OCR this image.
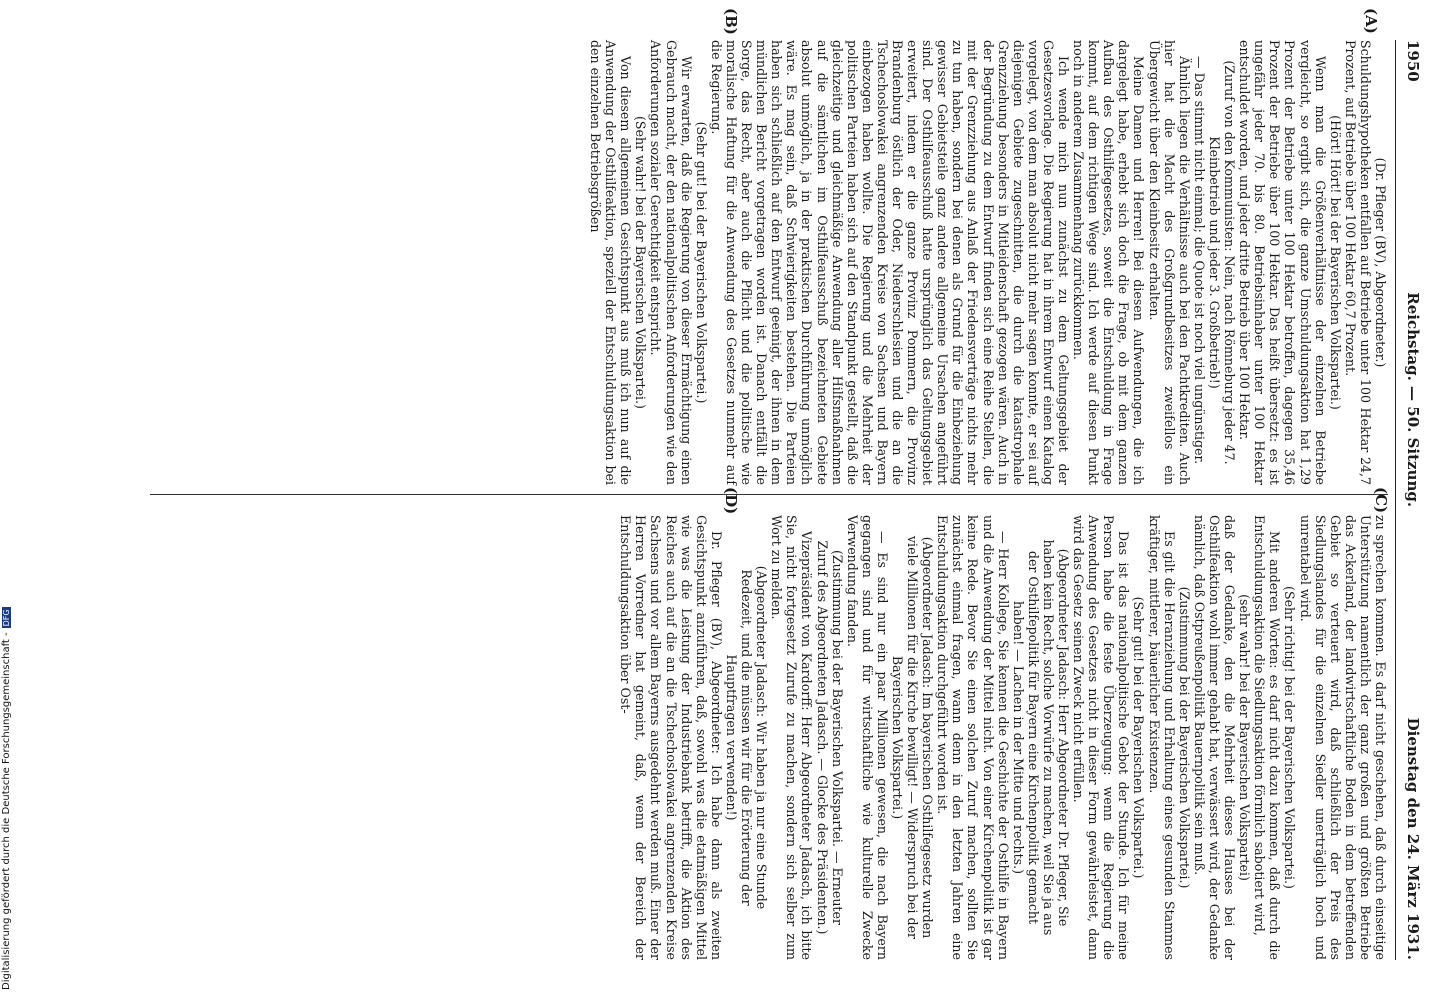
1950
Reichstag. — 50. Sitzung.
Dienstag den 24. März 1931.

(Dr. Pfleger (BV), Abgeordneter.)

Schuldungshypotheken entfallen auf Betriebe unter 100 Hektar 24,7 Prozent, auf Betriebe über 100 Hektar 60,7 Prozent.

(Hört! Hört! bei der Bayerischen Volkspartei.)

Wenn man die Größenverhältnisse der einzelnen Betriebe vergleicht, so ergibt sich, die ganze Umschuldungsaktion hat 1,29 Prozent der Betriebe unter 100 Hektar betroffen, dagegen 35,46 Prozent der Betriebe über 100 Hektar. Das heißt übersetzt: es ist ungefähr jeder 70. bis 80. Betriebsinhaber unter 100 Hektar entschuldet worden, und jeder dritte Betrieb über 100 Hektar.

(Zuruf von den Kommunisten: Nein, nach Römneburg jeder 47. Kleinbetrieb und jeder 3. Großbetrieb!)

— Das stimmt nicht einmal; die Quote ist noch viel ungünstiger.

Ähnlich liegen die Verhältnisse auch bei den Pachtkrediten. Auch hier hat die Macht des Großgrundbesitzes zweifellos ein Übergewicht über den Kleinbesitz erhalten.

Meine Damen und Herren! Bei diesen Aufwendungen, die ich dargelegt habe, erhebt sich doch die Frage, ob mit dem ganzen Aufbau des Osthilfegesetzes, soweit die Entschuldung in Frage kommt, auf dem richtigen Wege sind. Ich werde auf diesen Punkt noch in anderem Zusammenhang zurückkommen.

Ich wende mich nun zunächst zu dem Geltungsgebiet der Gesetzesvorlage. Die Regierung hat in ihrem Entwurf einen Katalog vorgelegt, von dem man absolut nicht mehr sagen konnte, er sei auf diejenigen Gebiete zugeschnitten, die durch die katastrophale Grenzziehung besonders in Mitleidenschaft gezogen wären. Auch in der Begründung zu dem Entwurf finden sich eine Reihe Stellen, die mit der Grenzziehung aus Anlaß der Friedensverträge nichts mehr zu tun haben, sondern bei denen als Grund für die Einbeziehung gewisser Gebietsteile ganz andere allgemeine Ursachen angeführt sind. Der Osthilfeausschuß hatte ursprünglich das Geltungsgebiet erweitert, indem er die ganze Provinz Pommern, die Provinz Brandenburg östlich der Oder, Niederschlesien und die an die Tschechoslowakei angrenzenden Kreise von Sachsen und Bayern einbezogen haben wollte. Die Regierung und die Mehrheit der politischen Parteien haben sich auf den Standpunkt gestellt, daß die gleichzeitige und gleichmäßige Anwendung aller Hilfsmaßnahmen auf die sämtlichen im Osthilfeausschuß bezeichneten Gebiete absolut unmöglich, ja in der praktischen Durchführung unmöglich wäre. Es mag sein, daß Schwierigkeiten bestehen. Die Parteien haben sich schließlich auf den Entwurf geeinigt, der ihnen in dem mündlichen Bericht vorgetragen worden ist. Danach entfällt die Sorge, das Recht, aber auch die Pflicht und die politische wie moralische Haftung für die Anwendung des Gesetzes nunmehr auf die Regierung.

(Sehr gut! bei der Bayerischen Volkspartei.)

Wir erwarten, daß die Regierung von dieser Ermächtigung einen Gebrauch macht, der den nationalpolitischen Anforderungen wie den Anforderungen sozialer Gerechtigkeit entspricht.

(Sehr wahr! bei der Bayerischen Volkspartei.)

Von diesem allgemeinen Gesichtspunkt aus muß ich nun auf die Anwendung der Osthilfeaktion, speziell der Entschuldungsaktion bei den einzelnen Betriebsgrößen

zu sprechen kommen. Es darf nicht geschehen, daß durch einseitige Unterstützung namentlich der ganz großen und größten Betriebe das Ackerland, der landwirtschaftliche Boden in dem betreffenden Gebiet so verteuert wird, daß schließlich der Preis des Siedlungslandes für die einzelnen Siedler unerträglich hoch und unrentabel wird.

(Sehr richtig! bei der Bayerischen Volkspartei.)

Mit anderen Worten: es darf nicht dazu kommen, daß durch die Entschuldungsaktion die Siedlungsaktion förmlich sabotiert wird,

(sehr wahr! bei der Bayerischen Volkspartei)

daß der Gedanke, den die Mehrheit dieses Hauses bei der Osthilfeaktion wohl immer gehabt hat, verwässert wird, der Gedanke nämlich, daß Ostpreußenpolitik Bauernpolitik sein muß.

(Zustimmung bei der Bayerischen Volkspartei.)

Es gilt die Heranziehung und Erhaltung eines gesunden Stammes kräftiger, mittlerer, bäuerlicher Existenzen.

(Sehr gut! bei der Bayerischen Volkspartei.)

Das ist das nationalpolitische Gebot der Stunde. Ich für meine Person habe die feste Überzeugung: wenn die Regierung die Anwendung des Gesetzes nicht in dieser Form gewährleistet, dann wird das Gesetz seinen Zweck nicht erfüllen.

(Abgeordneter Jadasch: Herr Abgeordneter Dr. Pfleger, Sie haben kein Recht, solche Vorwürfe zu machen, weil Sie ja aus der Osthilfepolitik für Bayern eine Kirchenpolitik gemacht haben! — Lachen in der Mitte und rechts.)

— Herr Kollege, Sie kennen die Geschichte der Osthilfe in Bayern und die Anwendung der Mittel nicht. Von einer Kirchenpolitik ist gar keine Rede. Bevor Sie einen solchen Zuruf machen, sollten Sie zunächst einmal fragen, wann denn in den letzten Jahren eine Entschuldungsaktion durchgeführt worden ist.

(Abgeordneter Jadasch: Im bayerischen Osthilfegesetz wurden viele Millionen für die Kirche bewilligt! — Widerspruch bei der Bayerischen Volkspartei.)

— Es sind nur ein paar Millionen gewesen, die nach Bayern gegangen sind und für wirtschaftliche wie kulturelle Zwecke Verwendung fanden.

(Zustimmung bei der Bayerischen Volkspartei. — Erneuter Zuruf des Abgeordneten Jadasch. — Glocke des Präsidenten.)

Vizepräsident von Kardorff: Herr Abgeordneter Jadasch, ich bitte Sie, nicht fortgesetzt Zurufe zu machen, sondern sich selber zum Wort zu melden.

(Abgeordneter Jadasch: Wir haben ja nur eine Stunde Redezeit, und die müssen wir für die Erörterung der Hauptfragen verwenden!)

Dr. Pfleger (BV), Abgeordneter: Ich habe dann als zweiten Gesichtspunkt anzuführen, daß, sowohl was die etatmäßigen Mittel wie was die Leistung der Industriebank betrifft, die Aktion des Reiches auch auf die an die Tschechoslowakei angrenzenden Kreise Sachsens und vor allem Bayerns ausgedehnt werden muß. Einer der Herren Vorredner hat gemeint, daß, wenn der Bereich der Entschuldungsaktion über Ost-

(A)
(B)
(C)
(D)
Digitalisierung gefördert durch die Deutsche Forschungsgemeinschaft -DFG
